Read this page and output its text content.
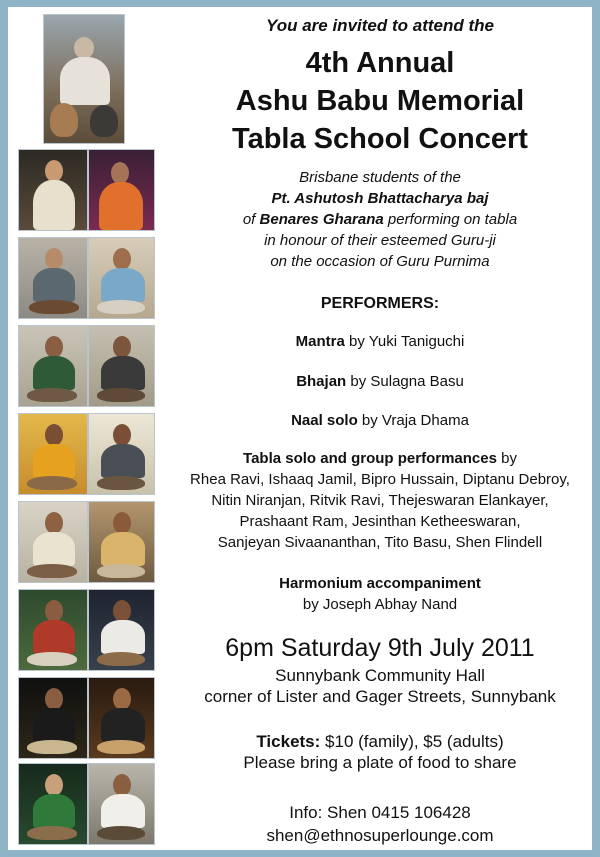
You are invited to attend the
4th Annual
Ashu Babu Memorial
Tabla School Concert
Brisbane students of the
Pt. Ashutosh Bhattacharya baj
of Benares Gharana performing on tabla
in honour of their esteemed Guru-ji
on the occasion of Guru Purnima
PERFORMERS:
Mantra by Yuki Taniguchi
Bhajan by Sulagna Basu
Naal solo by Vraja Dhama
Tabla solo and group performances by
Rhea Ravi, Ishaaq Jamil, Bipro Hussain, Diptanu Debroy,
Nitin Niranjan, Ritvik Ravi, Thejeswaran Elankayer,
Prashaant Ram, Jesinthan Ketheeswaran,
Sanjeyan Sivaananthan, Tito Basu, Shen Flindell
Harmonium accompaniment
by Joseph Abhay Nand
6pm Saturday 9th July 2011
Sunnybank Community Hall
corner of Lister and Gager Streets, Sunnybank
Tickets: $10 (family), $5 (adults)
Please bring a plate of food to share
Info: Shen 0415 106428
shen@ethnosuperlounge.com
